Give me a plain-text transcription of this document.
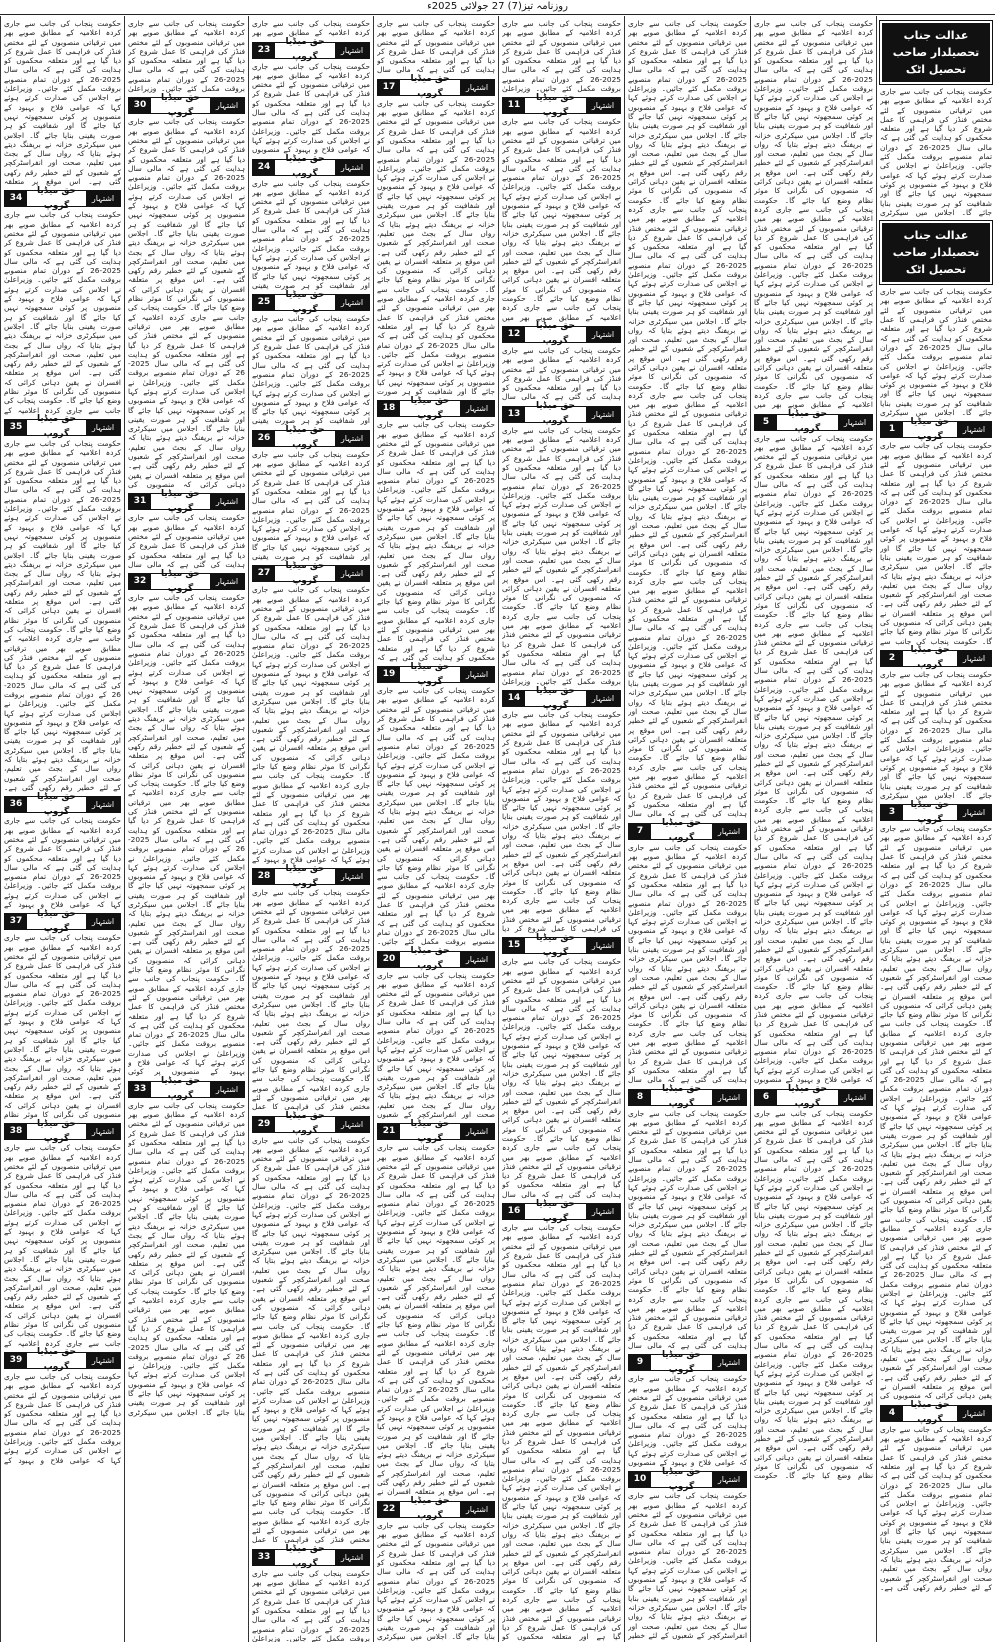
روزنامہ تیز(7) 27 جولائی 2025ء
عدالت جناب تحصیلدار صاحب تحصیل اٹک
حکومت پنجاب کی جانب سے جاری کردہ اعلامیہ کے مطابق صوبے بھر میں ترقیاتی منصوبوں کے لئے مختص فنڈز کی فراہمی کا عمل شروع کر دیا گیا ہے اور متعلقہ محکموں کو ہدایت کی گئی ہے کہ مالی سال 2025-26 کے دوران تمام منصوبے بروقت مکمل کئے جائیں۔ وزیراعلیٰ نے اجلاس کی صدارت کرتے ہوئے کہا کہ عوامی فلاح و بہبود کے منصوبوں پر کوئی سمجھوتہ نہیں کیا جائے گا اور شفافیت کو ہر صورت یقینی بنایا جائے گا۔ اجلاس میں سیکرٹری
عدالت جناب تحصیلدار صاحب تحصیل اٹک
حکومت پنجاب کی جانب سے جاری کردہ اعلامیہ کے مطابق صوبے بھر میں ترقیاتی منصوبوں کے لئے مختص فنڈز کی فراہمی کا عمل شروع کر دیا گیا ہے اور متعلقہ محکموں کو ہدایت کی گئی ہے کہ مالی سال 2025-26 کے دوران تمام منصوبے بروقت مکمل کئے جائیں۔ وزیراعلیٰ نے اجلاس کی صدارت کرتے ہوئے کہا کہ عوامی فلاح و بہبود کے منصوبوں پر کوئی سمجھوتہ نہیں کیا جائے گا اور شفافیت کو ہر صورت یقینی بنایا جائے گا۔ اجلاس میں سیکرٹری
1
حق میڈیا گروپ
اشتہار
حکومت پنجاب کی جانب سے جاری کردہ اعلامیہ کے مطابق صوبے بھر میں ترقیاتی منصوبوں کے لئے مختص فنڈز کی فراہمی کا عمل شروع کر دیا گیا ہے اور متعلقہ محکموں کو ہدایت کی گئی ہے کہ مالی سال 2025-26 کے دوران تمام منصوبے بروقت مکمل کئے جائیں۔ وزیراعلیٰ نے اجلاس کی صدارت کرتے ہوئے کہا کہ عوامی فلاح و بہبود کے منصوبوں پر کوئی سمجھوتہ نہیں کیا جائے گا اور شفافیت کو ہر صورت یقینی بنایا جائے گا۔ اجلاس میں سیکرٹری خزانہ نے بریفنگ دیتے ہوئے بتایا کہ رواں سال کے بجٹ میں تعلیم، صحت اور انفراسٹرکچر کے شعبوں کے لئے خطیر رقم رکھی گئی ہے۔ اس موقع پر متعلقہ افسران نے یقین دہانی کرائی کہ منصوبوں کی نگرانی کا موثر نظام وضع کیا جائے گا۔ حکومت پنجاب کی جانب سے
2
حق میڈیا گروپ
اشتہار
حکومت پنجاب کی جانب سے جاری کردہ اعلامیہ کے مطابق صوبے بھر میں ترقیاتی منصوبوں کے لئے مختص فنڈز کی فراہمی کا عمل شروع کر دیا گیا ہے اور متعلقہ محکموں کو ہدایت کی گئی ہے کہ مالی سال 2025-26 کے دوران تمام منصوبے بروقت مکمل کئے جائیں۔ وزیراعلیٰ نے اجلاس کی صدارت کرتے ہوئے کہا کہ عوامی فلاح و بہبود کے منصوبوں پر کوئی سمجھوتہ نہیں کیا جائے گا اور شفافیت کو ہر صورت یقینی بنایا جائے گا۔ اجلاس میں سیکرٹری
3
حق میڈیا گروپ
اشتہار
حکومت پنجاب کی جانب سے جاری کردہ اعلامیہ کے مطابق صوبے بھر میں ترقیاتی منصوبوں کے لئے مختص فنڈز کی فراہمی کا عمل شروع کر دیا گیا ہے اور متعلقہ محکموں کو ہدایت کی گئی ہے کہ مالی سال 2025-26 کے دوران تمام منصوبے بروقت مکمل کئے جائیں۔ وزیراعلیٰ نے اجلاس کی صدارت کرتے ہوئے کہا کہ عوامی فلاح و بہبود کے منصوبوں پر کوئی سمجھوتہ نہیں کیا جائے گا اور شفافیت کو ہر صورت یقینی بنایا جائے گا۔ اجلاس میں سیکرٹری خزانہ نے بریفنگ دیتے ہوئے بتایا کہ رواں سال کے بجٹ میں تعلیم، صحت اور انفراسٹرکچر کے شعبوں کے لئے خطیر رقم رکھی گئی ہے۔ اس موقع پر متعلقہ افسران نے یقین دہانی کرائی کہ منصوبوں کی نگرانی کا موثر نظام وضع کیا جائے گا۔ حکومت پنجاب کی جانب سے جاری کردہ اعلامیہ کے مطابق صوبے بھر میں ترقیاتی منصوبوں کے لئے مختص فنڈز کی فراہمی کا عمل شروع کر دیا گیا ہے اور متعلقہ محکموں کو ہدایت کی گئی ہے کہ مالی سال 2025-26 کے دوران تمام منصوبے بروقت مکمل کئے جائیں۔ وزیراعلیٰ نے اجلاس کی صدارت کرتے ہوئے کہا کہ عوامی فلاح و بہبود کے منصوبوں پر کوئی سمجھوتہ نہیں کیا جائے گا اور شفافیت کو ہر صورت یقینی بنایا جائے گا۔ اجلاس میں سیکرٹری خزانہ نے بریفنگ دیتے ہوئے بتایا کہ رواں سال کے بجٹ میں تعلیم، صحت اور انفراسٹرکچر کے شعبوں کے لئے خطیر رقم رکھی گئی ہے۔ اس موقع پر متعلقہ افسران نے یقین دہانی کرائی کہ منصوبوں کی نگرانی کا موثر نظام وضع کیا جائے گا۔ حکومت پنجاب کی جانب سے جاری کردہ اعلامیہ کے مطابق صوبے بھر میں ترقیاتی منصوبوں کے لئے مختص فنڈز کی فراہمی کا عمل شروع کر دیا گیا ہے اور متعلقہ محکموں کو ہدایت کی گئی ہے کہ مالی سال 2025-26 کے دوران تمام منصوبے بروقت مکمل کئے جائیں۔ وزیراعلیٰ نے اجلاس کی صدارت کرتے ہوئے کہا کہ عوامی فلاح و بہبود کے منصوبوں پر کوئی سمجھوتہ نہیں کیا جائے گا اور شفافیت کو ہر صورت یقینی بنایا جائے گا۔ اجلاس میں سیکرٹری خزانہ نے بریفنگ دیتے ہوئے بتایا کہ رواں سال کے بجٹ میں تعلیم، صحت اور انفراسٹرکچر کے شعبوں کے لئے خطیر رقم رکھی گئی ہے۔ اس موقع پر متعلقہ افسران نے یقین دہانی کرائی کہ منصوبوں کی
4
حق میڈیا گروپ
اشتہار
حکومت پنجاب کی جانب سے جاری کردہ اعلامیہ کے مطابق صوبے بھر میں ترقیاتی منصوبوں کے لئے مختص فنڈز کی فراہمی کا عمل شروع کر دیا گیا ہے اور متعلقہ محکموں کو ہدایت کی گئی ہے کہ مالی سال 2025-26 کے دوران تمام منصوبے بروقت مکمل کئے جائیں۔ وزیراعلیٰ نے اجلاس کی صدارت کرتے ہوئے کہا کہ عوامی فلاح و بہبود کے منصوبوں پر کوئی سمجھوتہ نہیں کیا جائے گا اور شفافیت کو ہر صورت یقینی بنایا جائے گا۔ اجلاس میں سیکرٹری خزانہ نے بریفنگ دیتے ہوئے بتایا کہ رواں سال کے بجٹ میں تعلیم، صحت اور انفراسٹرکچر کے شعبوں کے لئے خطیر رقم رکھی گئی ہے۔
حکومت پنجاب کی جانب سے جاری کردہ اعلامیہ کے مطابق صوبے بھر میں ترقیاتی منصوبوں کے لئے مختص فنڈز کی فراہمی کا عمل شروع کر دیا گیا ہے اور متعلقہ محکموں کو ہدایت کی گئی ہے کہ مالی سال 2025-26 کے دوران تمام منصوبے بروقت مکمل کئے جائیں۔ وزیراعلیٰ نے اجلاس کی صدارت کرتے ہوئے کہا کہ عوامی فلاح و بہبود کے منصوبوں پر کوئی سمجھوتہ نہیں کیا جائے گا اور شفافیت کو ہر صورت یقینی بنایا جائے گا۔ اجلاس میں سیکرٹری خزانہ نے بریفنگ دیتے ہوئے بتایا کہ رواں سال کے بجٹ میں تعلیم، صحت اور انفراسٹرکچر کے شعبوں کے لئے خطیر رقم رکھی گئی ہے۔ اس موقع پر متعلقہ افسران نے یقین دہانی کرائی کہ منصوبوں کی نگرانی کا موثر نظام وضع کیا جائے گا۔ حکومت پنجاب کی جانب سے جاری کردہ اعلامیہ کے مطابق صوبے بھر میں ترقیاتی منصوبوں کے لئے مختص فنڈز کی فراہمی کا عمل شروع کر دیا گیا ہے اور متعلقہ محکموں کو ہدایت کی گئی ہے کہ مالی سال 2025-26 کے دوران تمام منصوبے بروقت مکمل کئے جائیں۔ وزیراعلیٰ نے اجلاس کی صدارت کرتے ہوئے کہا کہ عوامی فلاح و بہبود کے منصوبوں پر کوئی سمجھوتہ نہیں کیا جائے گا اور شفافیت کو ہر صورت یقینی بنایا جائے گا۔ اجلاس میں سیکرٹری خزانہ نے بریفنگ دیتے ہوئے بتایا کہ رواں سال کے بجٹ میں تعلیم، صحت اور انفراسٹرکچر کے شعبوں کے لئے خطیر رقم رکھی گئی ہے۔ اس موقع پر متعلقہ افسران نے یقین دہانی کرائی کہ منصوبوں کی نگرانی کا موثر نظام وضع کیا جائے گا۔ حکومت پنجاب کی جانب سے جاری کردہ اعلامیہ کے مطابق صوبے بھر میں
5
حق میڈیا گروپ
اشتہار
حکومت پنجاب کی جانب سے جاری کردہ اعلامیہ کے مطابق صوبے بھر میں ترقیاتی منصوبوں کے لئے مختص فنڈز کی فراہمی کا عمل شروع کر دیا گیا ہے اور متعلقہ محکموں کو ہدایت کی گئی ہے کہ مالی سال 2025-26 کے دوران تمام منصوبے بروقت مکمل کئے جائیں۔ وزیراعلیٰ نے اجلاس کی صدارت کرتے ہوئے کہا کہ عوامی فلاح و بہبود کے منصوبوں پر کوئی سمجھوتہ نہیں کیا جائے گا اور شفافیت کو ہر صورت یقینی بنایا جائے گا۔ اجلاس میں سیکرٹری خزانہ نے بریفنگ دیتے ہوئے بتایا کہ رواں سال کے بجٹ میں تعلیم، صحت اور انفراسٹرکچر کے شعبوں کے لئے خطیر رقم رکھی گئی ہے۔ اس موقع پر متعلقہ افسران نے یقین دہانی کرائی کہ منصوبوں کی نگرانی کا موثر نظام وضع کیا جائے گا۔ حکومت پنجاب کی جانب سے جاری کردہ اعلامیہ کے مطابق صوبے بھر میں ترقیاتی منصوبوں کے لئے مختص فنڈز کی فراہمی کا عمل شروع کر دیا گیا ہے اور متعلقہ محکموں کو ہدایت کی گئی ہے کہ مالی سال 2025-26 کے دوران تمام منصوبے بروقت مکمل کئے جائیں۔ وزیراعلیٰ نے اجلاس کی صدارت کرتے ہوئے کہا کہ عوامی فلاح و بہبود کے منصوبوں پر کوئی سمجھوتہ نہیں کیا جائے گا اور شفافیت کو ہر صورت یقینی بنایا جائے گا۔ اجلاس میں سیکرٹری خزانہ نے بریفنگ دیتے ہوئے بتایا کہ رواں سال کے بجٹ میں تعلیم، صحت اور انفراسٹرکچر کے شعبوں کے لئے خطیر رقم رکھی گئی ہے۔ اس موقع پر متعلقہ افسران نے یقین دہانی کرائی کہ منصوبوں کی نگرانی کا موثر نظام وضع کیا جائے گا۔ حکومت پنجاب کی جانب سے جاری کردہ اعلامیہ کے مطابق صوبے بھر میں ترقیاتی منصوبوں کے لئے مختص فنڈز کی فراہمی کا عمل شروع کر دیا گیا ہے اور متعلقہ محکموں کو ہدایت کی گئی ہے کہ مالی سال 2025-26 کے دوران تمام منصوبے بروقت مکمل کئے جائیں۔ وزیراعلیٰ نے اجلاس کی صدارت کرتے ہوئے کہا کہ عوامی فلاح و بہبود کے منصوبوں پر کوئی سمجھوتہ نہیں کیا جائے گا اور شفافیت کو ہر صورت یقینی بنایا جائے گا۔ اجلاس میں سیکرٹری خزانہ نے بریفنگ دیتے ہوئے بتایا کہ رواں سال کے بجٹ میں تعلیم، صحت اور انفراسٹرکچر کے شعبوں کے لئے خطیر رقم رکھی گئی ہے۔ اس موقع پر متعلقہ افسران نے یقین دہانی کرائی کہ منصوبوں کی نگرانی کا موثر نظام وضع کیا جائے گا۔ حکومت پنجاب کی جانب سے جاری کردہ اعلامیہ کے مطابق صوبے بھر میں ترقیاتی منصوبوں کے لئے مختص فنڈز کی فراہمی کا عمل شروع کر دیا گیا ہے اور متعلقہ محکموں کو ہدایت کی گئی ہے کہ مالی سال 2025-26 کے دوران تمام منصوبے بروقت مکمل کئے جائیں۔ وزیراعلیٰ نے اجلاس کی صدارت کرتے ہوئے کہا کہ عوامی فلاح و بہبود کے منصوبوں
6
حق میڈیا گروپ
اشتہار
حکومت پنجاب کی جانب سے جاری کردہ اعلامیہ کے مطابق صوبے بھر میں ترقیاتی منصوبوں کے لئے مختص فنڈز کی فراہمی کا عمل شروع کر دیا گیا ہے اور متعلقہ محکموں کو ہدایت کی گئی ہے کہ مالی سال 2025-26 کے دوران تمام منصوبے بروقت مکمل کئے جائیں۔ وزیراعلیٰ نے اجلاس کی صدارت کرتے ہوئے کہا کہ عوامی فلاح و بہبود کے منصوبوں پر کوئی سمجھوتہ نہیں کیا جائے گا اور شفافیت کو ہر صورت یقینی بنایا جائے گا۔ اجلاس میں سیکرٹری خزانہ نے بریفنگ دیتے ہوئے بتایا کہ رواں سال کے بجٹ میں تعلیم، صحت اور انفراسٹرکچر کے شعبوں کے لئے خطیر رقم رکھی گئی ہے۔ اس موقع پر متعلقہ افسران نے یقین دہانی کرائی کہ منصوبوں کی نگرانی کا موثر نظام وضع کیا جائے گا۔ حکومت پنجاب کی جانب سے جاری کردہ اعلامیہ کے مطابق صوبے بھر میں ترقیاتی منصوبوں کے لئے مختص فنڈز کی فراہمی کا عمل شروع کر دیا گیا ہے اور متعلقہ محکموں کو ہدایت کی گئی ہے کہ مالی سال 2025-26 کے دوران تمام منصوبے بروقت مکمل کئے جائیں۔ وزیراعلیٰ نے اجلاس کی صدارت کرتے ہوئے کہا کہ عوامی فلاح و بہبود کے منصوبوں پر کوئی سمجھوتہ نہیں کیا جائے گا اور شفافیت کو ہر صورت یقینی بنایا جائے گا۔ اجلاس میں سیکرٹری خزانہ نے بریفنگ دیتے ہوئے بتایا کہ رواں سال کے بجٹ میں تعلیم، صحت اور انفراسٹرکچر کے شعبوں کے لئے خطیر رقم رکھی گئی ہے۔ اس موقع پر متعلقہ افسران نے یقین دہانی کرائی کہ منصوبوں کی نگرانی کا موثر نظام وضع کیا جائے گا۔ حکومت
حکومت پنجاب کی جانب سے جاری کردہ اعلامیہ کے مطابق صوبے بھر میں ترقیاتی منصوبوں کے لئے مختص فنڈز کی فراہمی کا عمل شروع کر دیا گیا ہے اور متعلقہ محکموں کو ہدایت کی گئی ہے کہ مالی سال 2025-26 کے دوران تمام منصوبے بروقت مکمل کئے جائیں۔ وزیراعلیٰ نے اجلاس کی صدارت کرتے ہوئے کہا کہ عوامی فلاح و بہبود کے منصوبوں پر کوئی سمجھوتہ نہیں کیا جائے گا اور شفافیت کو ہر صورت یقینی بنایا جائے گا۔ اجلاس میں سیکرٹری خزانہ نے بریفنگ دیتے ہوئے بتایا کہ رواں سال کے بجٹ میں تعلیم، صحت اور انفراسٹرکچر کے شعبوں کے لئے خطیر رقم رکھی گئی ہے۔ اس موقع پر متعلقہ افسران نے یقین دہانی کرائی کہ منصوبوں کی نگرانی کا موثر نظام وضع کیا جائے گا۔ حکومت پنجاب کی جانب سے جاری کردہ اعلامیہ کے مطابق صوبے بھر میں ترقیاتی منصوبوں کے لئے مختص فنڈز کی فراہمی کا عمل شروع کر دیا گیا ہے اور متعلقہ محکموں کو ہدایت کی گئی ہے کہ مالی سال 2025-26 کے دوران تمام منصوبے بروقت مکمل کئے جائیں۔ وزیراعلیٰ نے اجلاس کی صدارت کرتے ہوئے کہا کہ عوامی فلاح و بہبود کے منصوبوں پر کوئی سمجھوتہ نہیں کیا جائے گا اور شفافیت کو ہر صورت یقینی بنایا جائے گا۔ اجلاس میں سیکرٹری خزانہ نے بریفنگ دیتے ہوئے بتایا کہ رواں سال کے بجٹ میں تعلیم، صحت اور انفراسٹرکچر کے شعبوں کے لئے خطیر رقم رکھی گئی ہے۔ اس موقع پر متعلقہ افسران نے یقین دہانی کرائی کہ منصوبوں کی نگرانی کا موثر نظام وضع کیا جائے گا۔ حکومت پنجاب کی جانب سے جاری کردہ اعلامیہ کے مطابق صوبے بھر میں ترقیاتی منصوبوں کے لئے مختص فنڈز کی فراہمی کا عمل شروع کر دیا گیا ہے اور متعلقہ محکموں کو ہدایت کی گئی ہے کہ مالی سال 2025-26 کے دوران تمام منصوبے بروقت مکمل کئے جائیں۔ وزیراعلیٰ نے اجلاس کی صدارت کرتے ہوئے کہا کہ عوامی فلاح و بہبود کے منصوبوں پر کوئی سمجھوتہ نہیں کیا جائے گا اور شفافیت کو ہر صورت یقینی بنایا جائے گا۔ اجلاس میں سیکرٹری خزانہ نے بریفنگ دیتے ہوئے بتایا کہ رواں سال کے بجٹ میں تعلیم، صحت اور انفراسٹرکچر کے شعبوں کے لئے خطیر رقم رکھی گئی ہے۔ اس موقع پر متعلقہ افسران نے یقین دہانی کرائی کہ منصوبوں کی نگرانی کا موثر نظام وضع کیا جائے گا۔ حکومت پنجاب کی جانب سے جاری کردہ اعلامیہ کے مطابق صوبے بھر میں ترقیاتی منصوبوں کے لئے مختص فنڈز کی فراہمی کا عمل شروع کر دیا گیا ہے اور متعلقہ محکموں کو ہدایت کی گئی ہے کہ مالی سال 2025-26 کے دوران تمام منصوبے بروقت مکمل کئے جائیں۔ وزیراعلیٰ نے اجلاس کی صدارت کرتے ہوئے کہا کہ عوامی فلاح و بہبود کے منصوبوں پر کوئی سمجھوتہ نہیں کیا جائے گا اور شفافیت کو ہر صورت یقینی بنایا جائے گا۔ اجلاس میں سیکرٹری خزانہ نے بریفنگ دیتے ہوئے بتایا کہ رواں سال کے بجٹ میں تعلیم، صحت اور انفراسٹرکچر کے شعبوں کے لئے خطیر رقم رکھی گئی ہے۔ اس موقع پر متعلقہ افسران نے یقین دہانی کرائی کہ منصوبوں کی نگرانی کا موثر نظام وضع کیا جائے گا۔ حکومت پنجاب کی جانب سے جاری کردہ اعلامیہ کے مطابق صوبے بھر میں ترقیاتی منصوبوں کے لئے مختص فنڈز کی فراہمی کا عمل شروع کر دیا گیا ہے اور متعلقہ محکموں کو ہدایت کی گئی ہے کہ مالی سال
7
حق میڈیا گروپ
اشتہار
حکومت پنجاب کی جانب سے جاری کردہ اعلامیہ کے مطابق صوبے بھر میں ترقیاتی منصوبوں کے لئے مختص فنڈز کی فراہمی کا عمل شروع کر دیا گیا ہے اور متعلقہ محکموں کو ہدایت کی گئی ہے کہ مالی سال 2025-26 کے دوران تمام منصوبے بروقت مکمل کئے جائیں۔ وزیراعلیٰ نے اجلاس کی صدارت کرتے ہوئے کہا کہ عوامی فلاح و بہبود کے منصوبوں پر کوئی سمجھوتہ نہیں کیا جائے گا اور شفافیت کو ہر صورت یقینی بنایا جائے گا۔ اجلاس میں سیکرٹری خزانہ نے بریفنگ دیتے ہوئے بتایا کہ رواں سال کے بجٹ میں تعلیم، صحت اور انفراسٹرکچر کے شعبوں کے لئے خطیر رقم رکھی گئی ہے۔ اس موقع پر متعلقہ افسران نے یقین دہانی کرائی کہ منصوبوں کی نگرانی کا موثر نظام وضع کیا جائے گا۔ حکومت پنجاب کی جانب سے جاری کردہ اعلامیہ کے مطابق صوبے بھر میں ترقیاتی منصوبوں کے لئے مختص فنڈز کی فراہمی کا عمل شروع کر دیا گیا ہے اور متعلقہ محکموں کو ہدایت کی گئی ہے کہ مالی سال
8
حق میڈیا گروپ
اشتہار
حکومت پنجاب کی جانب سے جاری کردہ اعلامیہ کے مطابق صوبے بھر میں ترقیاتی منصوبوں کے لئے مختص فنڈز کی فراہمی کا عمل شروع کر دیا گیا ہے اور متعلقہ محکموں کو ہدایت کی گئی ہے کہ مالی سال 2025-26 کے دوران تمام منصوبے بروقت مکمل کئے جائیں۔ وزیراعلیٰ نے اجلاس کی صدارت کرتے ہوئے کہا کہ عوامی فلاح و بہبود کے منصوبوں پر کوئی سمجھوتہ نہیں کیا جائے گا اور شفافیت کو ہر صورت یقینی بنایا جائے گا۔ اجلاس میں سیکرٹری خزانہ نے بریفنگ دیتے ہوئے بتایا کہ رواں سال کے بجٹ میں تعلیم، صحت اور انفراسٹرکچر کے شعبوں کے لئے خطیر رقم رکھی گئی ہے۔ اس موقع پر متعلقہ افسران نے یقین دہانی کرائی کہ منصوبوں کی نگرانی کا موثر نظام وضع کیا جائے گا۔ حکومت پنجاب کی جانب سے جاری کردہ اعلامیہ کے مطابق صوبے بھر میں ترقیاتی منصوبوں کے لئے مختص فنڈز کی فراہمی کا عمل شروع کر دیا گیا ہے اور متعلقہ محکموں کو ہدایت کی گئی ہے کہ مالی سال
9
حق میڈیا گروپ
اشتہار
حکومت پنجاب کی جانب سے جاری کردہ اعلامیہ کے مطابق صوبے بھر میں ترقیاتی منصوبوں کے لئے مختص فنڈز کی فراہمی کا عمل شروع کر دیا گیا ہے اور متعلقہ محکموں کو ہدایت کی گئی ہے کہ مالی سال 2025-26 کے دوران تمام منصوبے بروقت مکمل کئے جائیں۔ وزیراعلیٰ نے اجلاس کی صدارت کرتے ہوئے کہا کہ عوامی فلاح و بہبود کے منصوبوں
10
حق میڈیا گروپ
اشتہار
حکومت پنجاب کی جانب سے جاری کردہ اعلامیہ کے مطابق صوبے بھر میں ترقیاتی منصوبوں کے لئے مختص فنڈز کی فراہمی کا عمل شروع کر دیا گیا ہے اور متعلقہ محکموں کو ہدایت کی گئی ہے کہ مالی سال 2025-26 کے دوران تمام منصوبے بروقت مکمل کئے جائیں۔ وزیراعلیٰ نے اجلاس کی صدارت کرتے ہوئے کہا کہ عوامی فلاح و بہبود کے منصوبوں پر کوئی سمجھوتہ نہیں کیا جائے گا اور شفافیت کو ہر صورت یقینی بنایا جائے گا۔ اجلاس میں سیکرٹری خزانہ نے بریفنگ دیتے ہوئے بتایا کہ رواں سال کے بجٹ میں تعلیم، صحت اور انفراسٹرکچر کے شعبوں کے لئے خطیر
حکومت پنجاب کی جانب سے جاری کردہ اعلامیہ کے مطابق صوبے بھر میں ترقیاتی منصوبوں کے لئے مختص فنڈز کی فراہمی کا عمل شروع کر دیا گیا ہے اور متعلقہ محکموں کو ہدایت کی گئی ہے کہ مالی سال 2025-26 کے دوران تمام منصوبے بروقت مکمل کئے جائیں۔ وزیراعلیٰ
11
حق میڈیا گروپ
اشتہار
حکومت پنجاب کی جانب سے جاری کردہ اعلامیہ کے مطابق صوبے بھر میں ترقیاتی منصوبوں کے لئے مختص فنڈز کی فراہمی کا عمل شروع کر دیا گیا ہے اور متعلقہ محکموں کو ہدایت کی گئی ہے کہ مالی سال 2025-26 کے دوران تمام منصوبے بروقت مکمل کئے جائیں۔ وزیراعلیٰ نے اجلاس کی صدارت کرتے ہوئے کہا کہ عوامی فلاح و بہبود کے منصوبوں پر کوئی سمجھوتہ نہیں کیا جائے گا اور شفافیت کو ہر صورت یقینی بنایا جائے گا۔ اجلاس میں سیکرٹری خزانہ نے بریفنگ دیتے ہوئے بتایا کہ رواں سال کے بجٹ میں تعلیم، صحت اور انفراسٹرکچر کے شعبوں کے لئے خطیر رقم رکھی گئی ہے۔ اس موقع پر متعلقہ افسران نے یقین دہانی کرائی کہ منصوبوں کی نگرانی کا موثر نظام وضع کیا جائے گا۔ حکومت پنجاب کی جانب سے جاری کردہ اعلامیہ کے مطابق صوبے بھر میں
12
حق میڈیا گروپ
اشتہار
حکومت پنجاب کی جانب سے جاری کردہ اعلامیہ کے مطابق صوبے بھر میں ترقیاتی منصوبوں کے لئے مختص فنڈز کی فراہمی کا عمل شروع کر دیا گیا ہے اور متعلقہ محکموں کو ہدایت کی گئی ہے کہ مالی سال
13
حق میڈیا گروپ
اشتہار
حکومت پنجاب کی جانب سے جاری کردہ اعلامیہ کے مطابق صوبے بھر میں ترقیاتی منصوبوں کے لئے مختص فنڈز کی فراہمی کا عمل شروع کر دیا گیا ہے اور متعلقہ محکموں کو ہدایت کی گئی ہے کہ مالی سال 2025-26 کے دوران تمام منصوبے بروقت مکمل کئے جائیں۔ وزیراعلیٰ نے اجلاس کی صدارت کرتے ہوئے کہا کہ عوامی فلاح و بہبود کے منصوبوں پر کوئی سمجھوتہ نہیں کیا جائے گا اور شفافیت کو ہر صورت یقینی بنایا جائے گا۔ اجلاس میں سیکرٹری خزانہ نے بریفنگ دیتے ہوئے بتایا کہ رواں سال کے بجٹ میں تعلیم، صحت اور انفراسٹرکچر کے شعبوں کے لئے خطیر رقم رکھی گئی ہے۔ اس موقع پر متعلقہ افسران نے یقین دہانی کرائی کہ منصوبوں کی نگرانی کا موثر نظام وضع کیا جائے گا۔ حکومت پنجاب کی جانب سے جاری کردہ اعلامیہ کے مطابق صوبے بھر میں ترقیاتی منصوبوں کے لئے مختص فنڈز کی فراہمی کا عمل شروع کر دیا گیا ہے اور متعلقہ محکموں کو ہدایت کی گئی ہے کہ مالی سال 2025-26 کے دوران تمام منصوبے بروقت مکمل کئے جائیں۔ وزیراعلیٰ
14
حق میڈیا گروپ
اشتہار
حکومت پنجاب کی جانب سے جاری کردہ اعلامیہ کے مطابق صوبے بھر میں ترقیاتی منصوبوں کے لئے مختص فنڈز کی فراہمی کا عمل شروع کر دیا گیا ہے اور متعلقہ محکموں کو ہدایت کی گئی ہے کہ مالی سال 2025-26 کے دوران تمام منصوبے بروقت مکمل کئے جائیں۔ وزیراعلیٰ نے اجلاس کی صدارت کرتے ہوئے کہا کہ عوامی فلاح و بہبود کے منصوبوں پر کوئی سمجھوتہ نہیں کیا جائے گا اور شفافیت کو ہر صورت یقینی بنایا جائے گا۔ اجلاس میں سیکرٹری خزانہ نے بریفنگ دیتے ہوئے بتایا کہ رواں سال کے بجٹ میں تعلیم، صحت اور انفراسٹرکچر کے شعبوں کے لئے خطیر رقم رکھی گئی ہے۔ اس موقع پر متعلقہ افسران نے یقین دہانی کرائی کہ منصوبوں کی نگرانی کا موثر نظام وضع کیا جائے گا۔ حکومت پنجاب کی جانب سے جاری کردہ اعلامیہ کے مطابق صوبے بھر میں ترقیاتی منصوبوں کے لئے مختص فنڈز کی فراہمی کا عمل شروع کر دیا
15
حق میڈیا گروپ
اشتہار
حکومت پنجاب کی جانب سے جاری کردہ اعلامیہ کے مطابق صوبے بھر میں ترقیاتی منصوبوں کے لئے مختص فنڈز کی فراہمی کا عمل شروع کر دیا گیا ہے اور متعلقہ محکموں کو ہدایت کی گئی ہے کہ مالی سال 2025-26 کے دوران تمام منصوبے بروقت مکمل کئے جائیں۔ وزیراعلیٰ نے اجلاس کی صدارت کرتے ہوئے کہا کہ عوامی فلاح و بہبود کے منصوبوں پر کوئی سمجھوتہ نہیں کیا جائے گا اور شفافیت کو ہر صورت یقینی بنایا جائے گا۔ اجلاس میں سیکرٹری خزانہ نے بریفنگ دیتے ہوئے بتایا کہ رواں سال کے بجٹ میں تعلیم، صحت اور انفراسٹرکچر کے شعبوں کے لئے خطیر رقم رکھی گئی ہے۔ اس موقع پر متعلقہ افسران نے یقین دہانی کرائی کہ منصوبوں کی نگرانی کا موثر نظام وضع کیا جائے گا۔ حکومت پنجاب کی جانب سے جاری کردہ اعلامیہ کے مطابق صوبے بھر میں ترقیاتی منصوبوں کے لئے مختص فنڈز کی فراہمی کا عمل شروع کر دیا گیا ہے اور متعلقہ محکموں کو ہدایت کی گئی ہے کہ مالی سال
16
حق میڈیا گروپ
اشتہار
حکومت پنجاب کی جانب سے جاری کردہ اعلامیہ کے مطابق صوبے بھر میں ترقیاتی منصوبوں کے لئے مختص فنڈز کی فراہمی کا عمل شروع کر دیا گیا ہے اور متعلقہ محکموں کو ہدایت کی گئی ہے کہ مالی سال 2025-26 کے دوران تمام منصوبے بروقت مکمل کئے جائیں۔ وزیراعلیٰ نے اجلاس کی صدارت کرتے ہوئے کہا کہ عوامی فلاح و بہبود کے منصوبوں پر کوئی سمجھوتہ نہیں کیا جائے گا اور شفافیت کو ہر صورت یقینی بنایا جائے گا۔ اجلاس میں سیکرٹری خزانہ نے بریفنگ دیتے ہوئے بتایا کہ رواں سال کے بجٹ میں تعلیم، صحت اور انفراسٹرکچر کے شعبوں کے لئے خطیر رقم رکھی گئی ہے۔ اس موقع پر متعلقہ افسران نے یقین دہانی کرائی کہ منصوبوں کی نگرانی کا موثر نظام وضع کیا جائے گا۔ حکومت پنجاب کی جانب سے جاری کردہ اعلامیہ کے مطابق صوبے بھر میں ترقیاتی منصوبوں کے لئے مختص فنڈز کی فراہمی کا عمل شروع کر دیا گیا ہے اور متعلقہ محکموں کو ہدایت کی گئی ہے کہ مالی سال 2025-26 کے دوران تمام منصوبے بروقت مکمل کئے جائیں۔ وزیراعلیٰ نے اجلاس کی صدارت کرتے ہوئے کہا کہ عوامی فلاح و بہبود کے منصوبوں پر کوئی سمجھوتہ نہیں کیا جائے گا اور شفافیت کو ہر صورت یقینی بنایا جائے گا۔ اجلاس میں سیکرٹری خزانہ نے بریفنگ دیتے ہوئے بتایا کہ رواں سال کے بجٹ میں تعلیم، صحت اور انفراسٹرکچر کے شعبوں کے لئے خطیر رقم رکھی گئی ہے۔ اس موقع پر متعلقہ افسران نے یقین دہانی کرائی کہ منصوبوں کی نگرانی کا موثر نظام وضع کیا جائے گا۔ حکومت پنجاب کی جانب سے جاری کردہ اعلامیہ کے مطابق صوبے بھر میں ترقیاتی منصوبوں کے لئے مختص فنڈز کی فراہمی کا عمل شروع کر دیا گیا ہے اور متعلقہ محکموں کو
حکومت پنجاب کی جانب سے جاری کردہ اعلامیہ کے مطابق صوبے بھر میں ترقیاتی منصوبوں کے لئے مختص فنڈز کی فراہمی کا عمل شروع کر دیا گیا ہے اور متعلقہ محکموں کو ہدایت کی گئی ہے کہ مالی سال
17
حق میڈیا گروپ
اشتہار
حکومت پنجاب کی جانب سے جاری کردہ اعلامیہ کے مطابق صوبے بھر میں ترقیاتی منصوبوں کے لئے مختص فنڈز کی فراہمی کا عمل شروع کر دیا گیا ہے اور متعلقہ محکموں کو ہدایت کی گئی ہے کہ مالی سال 2025-26 کے دوران تمام منصوبے بروقت مکمل کئے جائیں۔ وزیراعلیٰ نے اجلاس کی صدارت کرتے ہوئے کہا کہ عوامی فلاح و بہبود کے منصوبوں پر کوئی سمجھوتہ نہیں کیا جائے گا اور شفافیت کو ہر صورت یقینی بنایا جائے گا۔ اجلاس میں سیکرٹری خزانہ نے بریفنگ دیتے ہوئے بتایا کہ رواں سال کے بجٹ میں تعلیم، صحت اور انفراسٹرکچر کے شعبوں کے لئے خطیر رقم رکھی گئی ہے۔ اس موقع پر متعلقہ افسران نے یقین دہانی کرائی کہ منصوبوں کی نگرانی کا موثر نظام وضع کیا جائے گا۔ حکومت پنجاب کی جانب سے جاری کردہ اعلامیہ کے مطابق صوبے بھر میں ترقیاتی منصوبوں کے لئے مختص فنڈز کی فراہمی کا عمل شروع کر دیا گیا ہے اور متعلقہ محکموں کو ہدایت کی گئی ہے کہ مالی سال 2025-26 کے دوران تمام منصوبے بروقت مکمل کئے جائیں۔ وزیراعلیٰ نے اجلاس کی صدارت کرتے ہوئے کہا کہ عوامی فلاح و بہبود کے منصوبوں پر کوئی سمجھوتہ نہیں کیا جائے گا اور شفافیت کو ہر صورت
18
حق میڈیا گروپ
اشتہار
حکومت پنجاب کی جانب سے جاری کردہ اعلامیہ کے مطابق صوبے بھر میں ترقیاتی منصوبوں کے لئے مختص فنڈز کی فراہمی کا عمل شروع کر دیا گیا ہے اور متعلقہ محکموں کو ہدایت کی گئی ہے کہ مالی سال 2025-26 کے دوران تمام منصوبے بروقت مکمل کئے جائیں۔ وزیراعلیٰ نے اجلاس کی صدارت کرتے ہوئے کہا کہ عوامی فلاح و بہبود کے منصوبوں پر کوئی سمجھوتہ نہیں کیا جائے گا اور شفافیت کو ہر صورت یقینی بنایا جائے گا۔ اجلاس میں سیکرٹری خزانہ نے بریفنگ دیتے ہوئے بتایا کہ رواں سال کے بجٹ میں تعلیم، صحت اور انفراسٹرکچر کے شعبوں کے لئے خطیر رقم رکھی گئی ہے۔ اس موقع پر متعلقہ افسران نے یقین دہانی کرائی کہ منصوبوں کی نگرانی کا موثر نظام وضع کیا جائے گا۔ حکومت پنجاب کی جانب سے جاری کردہ اعلامیہ کے مطابق صوبے بھر میں ترقیاتی منصوبوں کے لئے مختص فنڈز کی فراہمی کا عمل شروع کر دیا گیا ہے اور متعلقہ محکموں کو ہدایت کی گئی ہے کہ
19
حق میڈیا گروپ
اشتہار
حکومت پنجاب کی جانب سے جاری کردہ اعلامیہ کے مطابق صوبے بھر میں ترقیاتی منصوبوں کے لئے مختص فنڈز کی فراہمی کا عمل شروع کر دیا گیا ہے اور متعلقہ محکموں کو ہدایت کی گئی ہے کہ مالی سال 2025-26 کے دوران تمام منصوبے بروقت مکمل کئے جائیں۔ وزیراعلیٰ نے اجلاس کی صدارت کرتے ہوئے کہا کہ عوامی فلاح و بہبود کے منصوبوں پر کوئی سمجھوتہ نہیں کیا جائے گا اور شفافیت کو ہر صورت یقینی بنایا جائے گا۔ اجلاس میں سیکرٹری خزانہ نے بریفنگ دیتے ہوئے بتایا کہ رواں سال کے بجٹ میں تعلیم، صحت اور انفراسٹرکچر کے شعبوں کے لئے خطیر رقم رکھی گئی ہے۔ اس موقع پر متعلقہ افسران نے یقین دہانی کرائی کہ منصوبوں کی نگرانی کا موثر نظام وضع کیا جائے گا۔ حکومت پنجاب کی جانب سے جاری کردہ اعلامیہ کے مطابق صوبے بھر میں ترقیاتی منصوبوں کے لئے مختص فنڈز کی فراہمی کا عمل شروع کر دیا گیا ہے اور متعلقہ محکموں کو ہدایت کی گئی ہے کہ مالی سال 2025-26 کے دوران تمام منصوبے بروقت مکمل کئے جائیں۔
20
حق میڈیا گروپ
اشتہار
حکومت پنجاب کی جانب سے جاری کردہ اعلامیہ کے مطابق صوبے بھر میں ترقیاتی منصوبوں کے لئے مختص فنڈز کی فراہمی کا عمل شروع کر دیا گیا ہے اور متعلقہ محکموں کو ہدایت کی گئی ہے کہ مالی سال 2025-26 کے دوران تمام منصوبے بروقت مکمل کئے جائیں۔ وزیراعلیٰ نے اجلاس کی صدارت کرتے ہوئے کہا کہ عوامی فلاح و بہبود کے منصوبوں پر کوئی سمجھوتہ نہیں کیا جائے گا اور شفافیت کو ہر صورت یقینی بنایا جائے گا۔ اجلاس میں سیکرٹری خزانہ نے بریفنگ دیتے ہوئے بتایا کہ رواں سال کے بجٹ میں تعلیم، صحت اور انفراسٹرکچر کے شعبوں
21
حق میڈیا گروپ
اشتہار
حکومت پنجاب کی جانب سے جاری کردہ اعلامیہ کے مطابق صوبے بھر میں ترقیاتی منصوبوں کے لئے مختص فنڈز کی فراہمی کا عمل شروع کر دیا گیا ہے اور متعلقہ محکموں کو ہدایت کی گئی ہے کہ مالی سال 2025-26 کے دوران تمام منصوبے بروقت مکمل کئے جائیں۔ وزیراعلیٰ نے اجلاس کی صدارت کرتے ہوئے کہا کہ عوامی فلاح و بہبود کے منصوبوں پر کوئی سمجھوتہ نہیں کیا جائے گا اور شفافیت کو ہر صورت یقینی بنایا جائے گا۔ اجلاس میں سیکرٹری خزانہ نے بریفنگ دیتے ہوئے بتایا کہ رواں سال کے بجٹ میں تعلیم، صحت اور انفراسٹرکچر کے شعبوں کے لئے خطیر رقم رکھی گئی ہے۔ اس موقع پر متعلقہ افسران نے یقین دہانی کرائی کہ منصوبوں کی نگرانی کا موثر نظام وضع کیا جائے گا۔ حکومت پنجاب کی جانب سے جاری کردہ اعلامیہ کے مطابق صوبے بھر میں ترقیاتی منصوبوں کے لئے مختص فنڈز کی فراہمی کا عمل شروع کر دیا گیا ہے اور متعلقہ محکموں کو ہدایت کی گئی ہے کہ مالی سال 2025-26 کے دوران تمام منصوبے بروقت مکمل کئے جائیں۔ وزیراعلیٰ نے اجلاس کی صدارت کرتے ہوئے کہا کہ عوامی فلاح و بہبود کے منصوبوں پر کوئی سمجھوتہ نہیں کیا جائے گا اور شفافیت کو ہر صورت یقینی بنایا جائے گا۔ اجلاس میں سیکرٹری خزانہ نے بریفنگ دیتے ہوئے بتایا کہ رواں سال کے بجٹ میں تعلیم، صحت اور انفراسٹرکچر کے شعبوں کے لئے خطیر رقم رکھی گئی ہے۔ اس موقع پر متعلقہ افسران نے
22
حق میڈیا گروپ
اشتہار
حکومت پنجاب کی جانب سے جاری کردہ اعلامیہ کے مطابق صوبے بھر میں ترقیاتی منصوبوں کے لئے مختص فنڈز کی فراہمی کا عمل شروع کر دیا گیا ہے اور متعلقہ محکموں کو ہدایت کی گئی ہے کہ مالی سال 2025-26 کے دوران تمام منصوبے بروقت مکمل کئے جائیں۔ وزیراعلیٰ نے اجلاس کی صدارت کرتے ہوئے کہا کہ عوامی فلاح و بہبود کے منصوبوں پر کوئی سمجھوتہ نہیں کیا جائے گا اور شفافیت کو ہر صورت یقینی بنایا جائے گا۔ اجلاس میں سیکرٹری
حکومت پنجاب کی جانب سے جاری کردہ اعلامیہ کے مطابق صوبے بھر
23
حق میڈیا گروپ
اشتہار
حکومت پنجاب کی جانب سے جاری کردہ اعلامیہ کے مطابق صوبے بھر میں ترقیاتی منصوبوں کے لئے مختص فنڈز کی فراہمی کا عمل شروع کر دیا گیا ہے اور متعلقہ محکموں کو ہدایت کی گئی ہے کہ مالی سال 2025-26 کے دوران تمام منصوبے بروقت مکمل کئے جائیں۔ وزیراعلیٰ نے اجلاس کی صدارت کرتے ہوئے کہا کہ عوامی فلاح و بہبود کے منصوبوں
24
حق میڈیا گروپ
اشتہار
حکومت پنجاب کی جانب سے جاری کردہ اعلامیہ کے مطابق صوبے بھر میں ترقیاتی منصوبوں کے لئے مختص فنڈز کی فراہمی کا عمل شروع کر دیا گیا ہے اور متعلقہ محکموں کو ہدایت کی گئی ہے کہ مالی سال 2025-26 کے دوران تمام منصوبے بروقت مکمل کئے جائیں۔ وزیراعلیٰ نے اجلاس کی صدارت کرتے ہوئے کہا کہ عوامی فلاح و بہبود کے منصوبوں پر کوئی سمجھوتہ نہیں کیا جائے گا اور شفافیت کو ہر صورت یقینی
25
حق میڈیا گروپ
اشتہار
حکومت پنجاب کی جانب سے جاری کردہ اعلامیہ کے مطابق صوبے بھر میں ترقیاتی منصوبوں کے لئے مختص فنڈز کی فراہمی کا عمل شروع کر دیا گیا ہے اور متعلقہ محکموں کو ہدایت کی گئی ہے کہ مالی سال 2025-26 کے دوران تمام منصوبے بروقت مکمل کئے جائیں۔ وزیراعلیٰ نے اجلاس کی صدارت کرتے ہوئے کہا کہ عوامی فلاح و بہبود کے منصوبوں پر کوئی سمجھوتہ نہیں کیا جائے گا اور شفافیت کو ہر صورت یقینی
26
حق میڈیا گروپ
اشتہار
حکومت پنجاب کی جانب سے جاری کردہ اعلامیہ کے مطابق صوبے بھر میں ترقیاتی منصوبوں کے لئے مختص فنڈز کی فراہمی کا عمل شروع کر دیا گیا ہے اور متعلقہ محکموں کو ہدایت کی گئی ہے کہ مالی سال 2025-26 کے دوران تمام منصوبے بروقت مکمل کئے جائیں۔ وزیراعلیٰ نے اجلاس کی صدارت کرتے ہوئے کہا کہ عوامی فلاح و بہبود کے منصوبوں پر کوئی سمجھوتہ نہیں کیا جائے گا اور شفافیت کو ہر صورت یقینی
27
حق میڈیا گروپ
اشتہار
حکومت پنجاب کی جانب سے جاری کردہ اعلامیہ کے مطابق صوبے بھر میں ترقیاتی منصوبوں کے لئے مختص فنڈز کی فراہمی کا عمل شروع کر دیا گیا ہے اور متعلقہ محکموں کو ہدایت کی گئی ہے کہ مالی سال 2025-26 کے دوران تمام منصوبے بروقت مکمل کئے جائیں۔ وزیراعلیٰ نے اجلاس کی صدارت کرتے ہوئے کہا کہ عوامی فلاح و بہبود کے منصوبوں پر کوئی سمجھوتہ نہیں کیا جائے گا اور شفافیت کو ہر صورت یقینی بنایا جائے گا۔ اجلاس میں سیکرٹری خزانہ نے بریفنگ دیتے ہوئے بتایا کہ رواں سال کے بجٹ میں تعلیم، صحت اور انفراسٹرکچر کے شعبوں کے لئے خطیر رقم رکھی گئی ہے۔ اس موقع پر متعلقہ افسران نے یقین دہانی کرائی کہ منصوبوں کی نگرانی کا موثر نظام وضع کیا جائے گا۔ حکومت پنجاب کی جانب سے جاری کردہ اعلامیہ کے مطابق صوبے بھر میں ترقیاتی منصوبوں کے لئے مختص فنڈز کی فراہمی کا عمل شروع کر دیا گیا ہے اور متعلقہ محکموں کو ہدایت کی گئی ہے کہ مالی سال 2025-26 کے دوران تمام منصوبے بروقت مکمل کئے جائیں۔ وزیراعلیٰ نے اجلاس کی صدارت کرتے ہوئے کہا کہ عوامی فلاح و بہبود کے
28
حق میڈیا گروپ
اشتہار
حکومت پنجاب کی جانب سے جاری کردہ اعلامیہ کے مطابق صوبے بھر میں ترقیاتی منصوبوں کے لئے مختص فنڈز کی فراہمی کا عمل شروع کر دیا گیا ہے اور متعلقہ محکموں کو ہدایت کی گئی ہے کہ مالی سال 2025-26 کے دوران تمام منصوبے بروقت مکمل کئے جائیں۔ وزیراعلیٰ نے اجلاس کی صدارت کرتے ہوئے کہا کہ عوامی فلاح و بہبود کے منصوبوں پر کوئی سمجھوتہ نہیں کیا جائے گا اور شفافیت کو ہر صورت یقینی بنایا جائے گا۔ اجلاس میں سیکرٹری خزانہ نے بریفنگ دیتے ہوئے بتایا کہ رواں سال کے بجٹ میں تعلیم، صحت اور انفراسٹرکچر کے شعبوں کے لئے خطیر رقم رکھی گئی ہے۔ اس موقع پر متعلقہ افسران نے یقین دہانی کرائی کہ منصوبوں کی نگرانی کا موثر نظام وضع کیا جائے گا۔ حکومت پنجاب کی جانب سے جاری کردہ اعلامیہ کے مطابق صوبے بھر میں ترقیاتی منصوبوں کے لئے مختص فنڈز کی فراہمی کا عمل
29
حق میڈیا گروپ
اشتہار
حکومت پنجاب کی جانب سے جاری کردہ اعلامیہ کے مطابق صوبے بھر میں ترقیاتی منصوبوں کے لئے مختص فنڈز کی فراہمی کا عمل شروع کر دیا گیا ہے اور متعلقہ محکموں کو ہدایت کی گئی ہے کہ مالی سال 2025-26 کے دوران تمام منصوبے بروقت مکمل کئے جائیں۔ وزیراعلیٰ نے اجلاس کی صدارت کرتے ہوئے کہا کہ عوامی فلاح و بہبود کے منصوبوں پر کوئی سمجھوتہ نہیں کیا جائے گا اور شفافیت کو ہر صورت یقینی بنایا جائے گا۔ اجلاس میں سیکرٹری خزانہ نے بریفنگ دیتے ہوئے بتایا کہ رواں سال کے بجٹ میں تعلیم، صحت اور انفراسٹرکچر کے شعبوں کے لئے خطیر رقم رکھی گئی ہے۔ اس موقع پر متعلقہ افسران نے یقین دہانی کرائی کہ منصوبوں کی نگرانی کا موثر نظام وضع کیا جائے گا۔ حکومت پنجاب کی جانب سے جاری کردہ اعلامیہ کے مطابق صوبے بھر میں ترقیاتی منصوبوں کے لئے مختص فنڈز کی فراہمی کا عمل شروع کر دیا گیا ہے اور متعلقہ محکموں کو ہدایت کی گئی ہے کہ مالی سال 2025-26 کے دوران تمام منصوبے بروقت مکمل کئے جائیں۔ وزیراعلیٰ نے اجلاس کی صدارت کرتے ہوئے کہا کہ عوامی فلاح و بہبود کے منصوبوں پر کوئی سمجھوتہ نہیں کیا جائے گا اور شفافیت کو ہر صورت یقینی بنایا جائے گا۔ اجلاس میں سیکرٹری خزانہ نے بریفنگ دیتے ہوئے بتایا کہ رواں سال کے بجٹ میں تعلیم، صحت اور انفراسٹرکچر کے شعبوں کے لئے خطیر رقم رکھی گئی ہے۔ اس موقع پر متعلقہ افسران نے یقین دہانی کرائی کہ منصوبوں کی نگرانی کا موثر نظام وضع کیا جائے گا۔ حکومت پنجاب کی جانب سے جاری کردہ اعلامیہ کے مطابق صوبے بھر میں ترقیاتی منصوبوں کے لئے مختص فنڈز کی فراہمی کا عمل
33
حق میڈیا گروپ
اشتہار
حکومت پنجاب کی جانب سے جاری کردہ اعلامیہ کے مطابق صوبے بھر میں ترقیاتی منصوبوں کے لئے مختص فنڈز کی فراہمی کا عمل شروع کر دیا گیا ہے اور متعلقہ محکموں کو ہدایت کی گئی ہے کہ مالی سال 2025-26 کے دوران تمام منصوبے بروقت مکمل کئے جائیں۔ وزیراعلیٰ
حکومت پنجاب کی جانب سے جاری کردہ اعلامیہ کے مطابق صوبے بھر میں ترقیاتی منصوبوں کے لئے مختص فنڈز کی فراہمی کا عمل شروع کر دیا گیا ہے اور متعلقہ محکموں کو ہدایت کی گئی ہے کہ مالی سال 2025-26 کے دوران تمام منصوبے بروقت مکمل کئے جائیں۔ وزیراعلیٰ
30
حق میڈیا گروپ
اشتہار
حکومت پنجاب کی جانب سے جاری کردہ اعلامیہ کے مطابق صوبے بھر میں ترقیاتی منصوبوں کے لئے مختص فنڈز کی فراہمی کا عمل شروع کر دیا گیا ہے اور متعلقہ محکموں کو ہدایت کی گئی ہے کہ مالی سال 2025-26 کے دوران تمام منصوبے بروقت مکمل کئے جائیں۔ وزیراعلیٰ نے اجلاس کی صدارت کرتے ہوئے کہا کہ عوامی فلاح و بہبود کے منصوبوں پر کوئی سمجھوتہ نہیں کیا جائے گا اور شفافیت کو ہر صورت یقینی بنایا جائے گا۔ اجلاس میں سیکرٹری خزانہ نے بریفنگ دیتے ہوئے بتایا کہ رواں سال کے بجٹ میں تعلیم، صحت اور انفراسٹرکچر کے شعبوں کے لئے خطیر رقم رکھی گئی ہے۔ اس موقع پر متعلقہ افسران نے یقین دہانی کرائی کہ منصوبوں کی نگرانی کا موثر نظام وضع کیا جائے گا۔ حکومت پنجاب کی جانب سے جاری کردہ اعلامیہ کے مطابق صوبے بھر میں ترقیاتی منصوبوں کے لئے مختص فنڈز کی فراہمی کا عمل شروع کر دیا گیا ہے اور متعلقہ محکموں کو ہدایت کی گئی ہے کہ مالی سال 2025-26 کے دوران تمام منصوبے بروقت مکمل کئے جائیں۔ وزیراعلیٰ نے اجلاس کی صدارت کرتے ہوئے کہا کہ عوامی فلاح و بہبود کے منصوبوں پر کوئی سمجھوتہ نہیں کیا جائے گا اور شفافیت کو ہر صورت یقینی بنایا جائے گا۔ اجلاس میں سیکرٹری خزانہ نے بریفنگ دیتے ہوئے بتایا کہ رواں سال کے بجٹ میں تعلیم، صحت اور انفراسٹرکچر کے شعبوں کے لئے خطیر رقم رکھی گئی ہے۔ اس موقع پر متعلقہ افسران نے یقین دہانی کرائی کہ منصوبوں کی
31
حق میڈیا گروپ
اشتہار
حکومت پنجاب کی جانب سے جاری کردہ اعلامیہ کے مطابق صوبے بھر میں ترقیاتی منصوبوں کے لئے مختص فنڈز کی فراہمی کا عمل شروع کر دیا گیا ہے اور متعلقہ محکموں کو ہدایت کی گئی ہے کہ مالی سال
32
حق میڈیا گروپ
اشتہار
حکومت پنجاب کی جانب سے جاری کردہ اعلامیہ کے مطابق صوبے بھر میں ترقیاتی منصوبوں کے لئے مختص فنڈز کی فراہمی کا عمل شروع کر دیا گیا ہے اور متعلقہ محکموں کو ہدایت کی گئی ہے کہ مالی سال 2025-26 کے دوران تمام منصوبے بروقت مکمل کئے جائیں۔ وزیراعلیٰ نے اجلاس کی صدارت کرتے ہوئے کہا کہ عوامی فلاح و بہبود کے منصوبوں پر کوئی سمجھوتہ نہیں کیا جائے گا اور شفافیت کو ہر صورت یقینی بنایا جائے گا۔ اجلاس میں سیکرٹری خزانہ نے بریفنگ دیتے ہوئے بتایا کہ رواں سال کے بجٹ میں تعلیم، صحت اور انفراسٹرکچر کے شعبوں کے لئے خطیر رقم رکھی گئی ہے۔ اس موقع پر متعلقہ افسران نے یقین دہانی کرائی کہ منصوبوں کی نگرانی کا موثر نظام وضع کیا جائے گا۔ حکومت پنجاب کی جانب سے جاری کردہ اعلامیہ کے مطابق صوبے بھر میں ترقیاتی منصوبوں کے لئے مختص فنڈز کی فراہمی کا عمل شروع کر دیا گیا ہے اور متعلقہ محکموں کو ہدایت کی گئی ہے کہ مالی سال 2025-26 کے دوران تمام منصوبے بروقت مکمل کئے جائیں۔ وزیراعلیٰ نے اجلاس کی صدارت کرتے ہوئے کہا کہ عوامی فلاح و بہبود کے منصوبوں پر کوئی سمجھوتہ نہیں کیا جائے گا اور شفافیت کو ہر صورت یقینی بنایا جائے گا۔ اجلاس میں سیکرٹری خزانہ نے بریفنگ دیتے ہوئے بتایا کہ رواں سال کے بجٹ میں تعلیم، صحت اور انفراسٹرکچر کے شعبوں کے لئے خطیر رقم رکھی گئی ہے۔ اس موقع پر متعلقہ افسران نے یقین دہانی کرائی کہ منصوبوں کی نگرانی کا موثر نظام وضع کیا جائے گا۔ حکومت پنجاب کی جانب سے جاری کردہ اعلامیہ کے مطابق صوبے بھر میں ترقیاتی منصوبوں کے لئے مختص فنڈز کی فراہمی کا عمل شروع کر دیا گیا ہے اور متعلقہ محکموں کو ہدایت کی گئی ہے کہ مالی سال 2025-26 کے دوران تمام منصوبے بروقت مکمل کئے جائیں۔ وزیراعلیٰ نے اجلاس کی صدارت کرتے ہوئے کہا کہ عوامی فلاح و بہبود کے منصوبوں پر کوئی
33
حق میڈیا گروپ
اشتہار
حکومت پنجاب کی جانب سے جاری کردہ اعلامیہ کے مطابق صوبے بھر میں ترقیاتی منصوبوں کے لئے مختص فنڈز کی فراہمی کا عمل شروع کر دیا گیا ہے اور متعلقہ محکموں کو ہدایت کی گئی ہے کہ مالی سال 2025-26 کے دوران تمام منصوبے بروقت مکمل کئے جائیں۔ وزیراعلیٰ نے اجلاس کی صدارت کرتے ہوئے کہا کہ عوامی فلاح و بہبود کے منصوبوں پر کوئی سمجھوتہ نہیں کیا جائے گا اور شفافیت کو ہر صورت یقینی بنایا جائے گا۔ اجلاس میں سیکرٹری خزانہ نے بریفنگ دیتے ہوئے بتایا کہ رواں سال کے بجٹ میں تعلیم، صحت اور انفراسٹرکچر کے شعبوں کے لئے خطیر رقم رکھی گئی ہے۔ اس موقع پر متعلقہ افسران نے یقین دہانی کرائی کہ منصوبوں کی نگرانی کا موثر نظام وضع کیا جائے گا۔ حکومت پنجاب کی جانب سے جاری کردہ اعلامیہ کے مطابق صوبے بھر میں ترقیاتی منصوبوں کے لئے مختص فنڈز کی فراہمی کا عمل شروع کر دیا گیا ہے اور متعلقہ محکموں کو ہدایت کی گئی ہے کہ مالی سال 2025-26 کے دوران تمام منصوبے بروقت مکمل کئے جائیں۔ وزیراعلیٰ نے اجلاس کی صدارت کرتے ہوئے کہا کہ عوامی فلاح و بہبود کے منصوبوں پر کوئی سمجھوتہ نہیں کیا جائے گا اور شفافیت کو ہر صورت یقینی بنایا جائے گا۔ اجلاس میں سیکرٹری
حکومت پنجاب کی جانب سے جاری کردہ اعلامیہ کے مطابق صوبے بھر میں ترقیاتی منصوبوں کے لئے مختص فنڈز کی فراہمی کا عمل شروع کر دیا گیا ہے اور متعلقہ محکموں کو ہدایت کی گئی ہے کہ مالی سال 2025-26 کے دوران تمام منصوبے بروقت مکمل کئے جائیں۔ وزیراعلیٰ نے اجلاس کی صدارت کرتے ہوئے کہا کہ عوامی فلاح و بہبود کے منصوبوں پر کوئی سمجھوتہ نہیں کیا جائے گا اور شفافیت کو ہر صورت یقینی بنایا جائے گا۔ اجلاس میں سیکرٹری خزانہ نے بریفنگ دیتے ہوئے بتایا کہ رواں سال کے بجٹ میں تعلیم، صحت اور انفراسٹرکچر کے شعبوں کے لئے خطیر رقم رکھی گئی ہے۔ اس موقع پر متعلقہ
34
حق میڈیا گروپ
اشتہار
حکومت پنجاب کی جانب سے جاری کردہ اعلامیہ کے مطابق صوبے بھر میں ترقیاتی منصوبوں کے لئے مختص فنڈز کی فراہمی کا عمل شروع کر دیا گیا ہے اور متعلقہ محکموں کو ہدایت کی گئی ہے کہ مالی سال 2025-26 کے دوران تمام منصوبے بروقت مکمل کئے جائیں۔ وزیراعلیٰ نے اجلاس کی صدارت کرتے ہوئے کہا کہ عوامی فلاح و بہبود کے منصوبوں پر کوئی سمجھوتہ نہیں کیا جائے گا اور شفافیت کو ہر صورت یقینی بنایا جائے گا۔ اجلاس میں سیکرٹری خزانہ نے بریفنگ دیتے ہوئے بتایا کہ رواں سال کے بجٹ میں تعلیم، صحت اور انفراسٹرکچر کے شعبوں کے لئے خطیر رقم رکھی گئی ہے۔ اس موقع پر متعلقہ افسران نے یقین دہانی کرائی کہ منصوبوں کی نگرانی کا موثر نظام وضع کیا جائے گا۔ حکومت پنجاب کی جانب سے جاری کردہ اعلامیہ کے
35
حق میڈیا گروپ
اشتہار
حکومت پنجاب کی جانب سے جاری کردہ اعلامیہ کے مطابق صوبے بھر میں ترقیاتی منصوبوں کے لئے مختص فنڈز کی فراہمی کا عمل شروع کر دیا گیا ہے اور متعلقہ محکموں کو ہدایت کی گئی ہے کہ مالی سال 2025-26 کے دوران تمام منصوبے بروقت مکمل کئے جائیں۔ وزیراعلیٰ نے اجلاس کی صدارت کرتے ہوئے کہا کہ عوامی فلاح و بہبود کے منصوبوں پر کوئی سمجھوتہ نہیں کیا جائے گا اور شفافیت کو ہر صورت یقینی بنایا جائے گا۔ اجلاس میں سیکرٹری خزانہ نے بریفنگ دیتے ہوئے بتایا کہ رواں سال کے بجٹ میں تعلیم، صحت اور انفراسٹرکچر کے شعبوں کے لئے خطیر رقم رکھی گئی ہے۔ اس موقع پر متعلقہ افسران نے یقین دہانی کرائی کہ منصوبوں کی نگرانی کا موثر نظام وضع کیا جائے گا۔ حکومت پنجاب کی جانب سے جاری کردہ اعلامیہ کے مطابق صوبے بھر میں ترقیاتی منصوبوں کے لئے مختص فنڈز کی فراہمی کا عمل شروع کر دیا گیا ہے اور متعلقہ محکموں کو ہدایت کی گئی ہے کہ مالی سال 2025-26 کے دوران تمام منصوبے بروقت مکمل کئے جائیں۔ وزیراعلیٰ نے اجلاس کی صدارت کرتے ہوئے کہا کہ عوامی فلاح و بہبود کے منصوبوں پر کوئی سمجھوتہ نہیں کیا جائے گا اور شفافیت کو ہر صورت یقینی بنایا جائے گا۔ اجلاس میں سیکرٹری خزانہ نے بریفنگ دیتے ہوئے بتایا کہ رواں سال کے بجٹ میں تعلیم، صحت اور انفراسٹرکچر کے شعبوں کے لئے خطیر رقم رکھی گئی ہے۔
36
حق میڈیا گروپ
اشتہار
حکومت پنجاب کی جانب سے جاری کردہ اعلامیہ کے مطابق صوبے بھر میں ترقیاتی منصوبوں کے لئے مختص فنڈز کی فراہمی کا عمل شروع کر دیا گیا ہے اور متعلقہ محکموں کو ہدایت کی گئی ہے کہ مالی سال 2025-26 کے دوران تمام منصوبے بروقت مکمل کئے جائیں۔ وزیراعلیٰ نے اجلاس کی صدارت کرتے ہوئے کہا کہ عوامی فلاح و بہبود کے
37
حق میڈیا گروپ
اشتہار
حکومت پنجاب کی جانب سے جاری کردہ اعلامیہ کے مطابق صوبے بھر میں ترقیاتی منصوبوں کے لئے مختص فنڈز کی فراہمی کا عمل شروع کر دیا گیا ہے اور متعلقہ محکموں کو ہدایت کی گئی ہے کہ مالی سال 2025-26 کے دوران تمام منصوبے بروقت مکمل کئے جائیں۔ وزیراعلیٰ نے اجلاس کی صدارت کرتے ہوئے کہا کہ عوامی فلاح و بہبود کے منصوبوں پر کوئی سمجھوتہ نہیں کیا جائے گا اور شفافیت کو ہر صورت یقینی بنایا جائے گا۔ اجلاس میں سیکرٹری خزانہ نے بریفنگ دیتے ہوئے بتایا کہ رواں سال کے بجٹ میں تعلیم، صحت اور انفراسٹرکچر کے شعبوں کے لئے خطیر رقم رکھی گئی ہے۔ اس موقع پر متعلقہ افسران نے یقین دہانی کرائی کہ منصوبوں کی نگرانی کا موثر نظام
38
حق میڈیا گروپ
اشتہار
حکومت پنجاب کی جانب سے جاری کردہ اعلامیہ کے مطابق صوبے بھر میں ترقیاتی منصوبوں کے لئے مختص فنڈز کی فراہمی کا عمل شروع کر دیا گیا ہے اور متعلقہ محکموں کو ہدایت کی گئی ہے کہ مالی سال 2025-26 کے دوران تمام منصوبے بروقت مکمل کئے جائیں۔ وزیراعلیٰ نے اجلاس کی صدارت کرتے ہوئے کہا کہ عوامی فلاح و بہبود کے منصوبوں پر کوئی سمجھوتہ نہیں کیا جائے گا اور شفافیت کو ہر صورت یقینی بنایا جائے گا۔ اجلاس میں سیکرٹری خزانہ نے بریفنگ دیتے ہوئے بتایا کہ رواں سال کے بجٹ میں تعلیم، صحت اور انفراسٹرکچر کے شعبوں کے لئے خطیر رقم رکھی گئی ہے۔ اس موقع پر متعلقہ افسران نے یقین دہانی کرائی کہ منصوبوں کی نگرانی کا موثر نظام وضع کیا جائے گا۔ حکومت پنجاب کی جانب سے جاری کردہ اعلامیہ کے
39
حق میڈیا گروپ
اشتہار
حکومت پنجاب کی جانب سے جاری کردہ اعلامیہ کے مطابق صوبے بھر میں ترقیاتی منصوبوں کے لئے مختص فنڈز کی فراہمی کا عمل شروع کر دیا گیا ہے اور متعلقہ محکموں کو ہدایت کی گئی ہے کہ مالی سال 2025-26 کے دوران تمام منصوبے بروقت مکمل کئے جائیں۔ وزیراعلیٰ نے اجلاس کی صدارت کرتے ہوئے کہا کہ عوامی فلاح و بہبود کے
